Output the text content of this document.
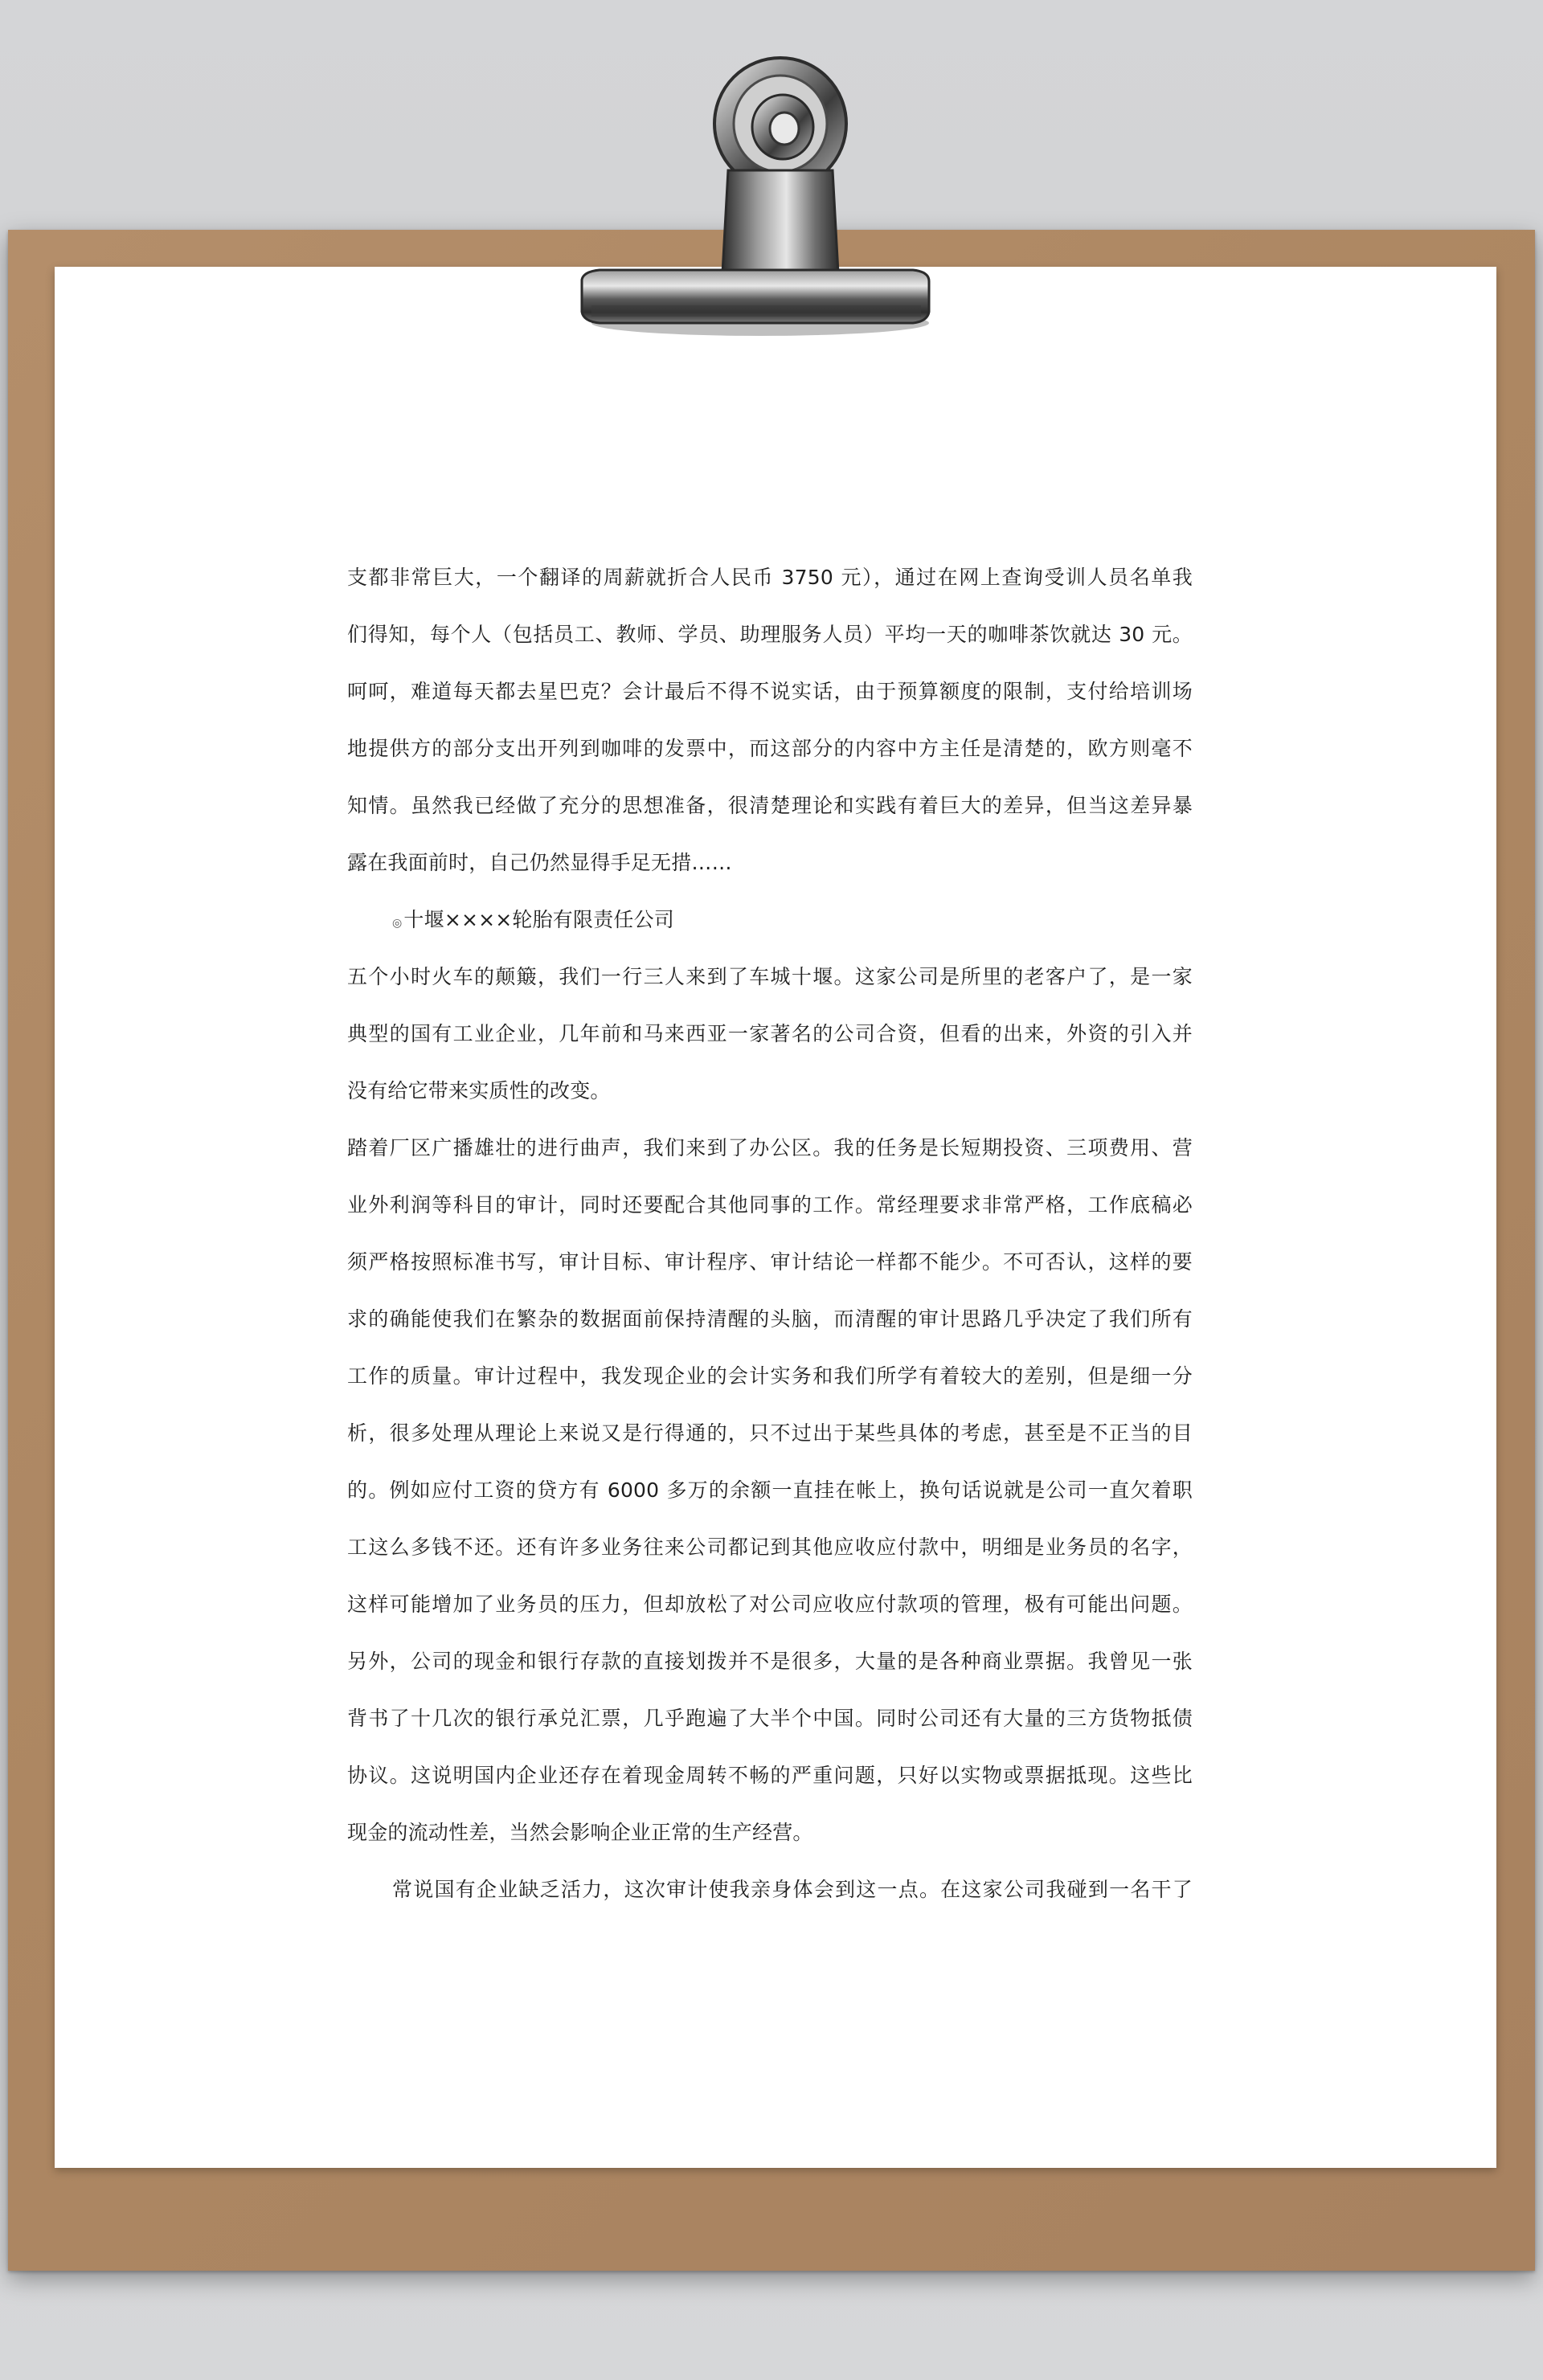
支都非常巨大，一个翻译的周薪就折合人民币 3750 元），通过在网上查询受训人员名单我
们得知，每个人（包括员工、教师、学员、助理服务人员）平均一天的咖啡茶饮就达 30 元。
呵呵，难道每天都去星巴克？会计最后不得不说实话，由于预算额度的限制，支付给培训场
地提供方的部分支出开列到咖啡的发票中，而这部分的内容中方主任是清楚的，欧方则毫不
知情。虽然我已经做了充分的思想准备，很清楚理论和实践有着巨大的差异，但当这差异暴
露在我面前时，自己仍然显得手足无措……
◎十堰××××轮胎有限责任公司
五个小时火车的颠簸，我们一行三人来到了车城十堰。这家公司是所里的老客户了，是一家
典型的国有工业企业，几年前和马来西亚一家著名的公司合资，但看的出来，外资的引入并
没有给它带来实质性的改变。
踏着厂区广播雄壮的进行曲声，我们来到了办公区。我的任务是长短期投资、三项费用、营
业外利润等科目的审计，同时还要配合其他同事的工作。常经理要求非常严格，工作底稿必
须严格按照标准书写，审计目标、审计程序、审计结论一样都不能少。不可否认，这样的要
求的确能使我们在繁杂的数据面前保持清醒的头脑，而清醒的审计思路几乎决定了我们所有
工作的质量。审计过程中，我发现企业的会计实务和我们所学有着较大的差别，但是细一分
析，很多处理从理论上来说又是行得通的，只不过出于某些具体的考虑，甚至是不正当的目
的。例如应付工资的贷方有 6000 多万的余额一直挂在帐上，换句话说就是公司一直欠着职
工这么多钱不还。还有许多业务往来公司都记到其他应收应付款中，明细是业务员的名字，
这样可能增加了业务员的压力，但却放松了对公司应收应付款项的管理，极有可能出问题。
另外，公司的现金和银行存款的直接划拨并不是很多，大量的是各种商业票据。我曾见一张
背书了十几次的银行承兑汇票，几乎跑遍了大半个中国。同时公司还有大量的三方货物抵债
协议。这说明国内企业还存在着现金周转不畅的严重问题，只好以实物或票据抵现。这些比
现金的流动性差，当然会影响企业正常的生产经营。
常说国有企业缺乏活力，这次审计使我亲身体会到这一点。在这家公司我碰到一名干了
